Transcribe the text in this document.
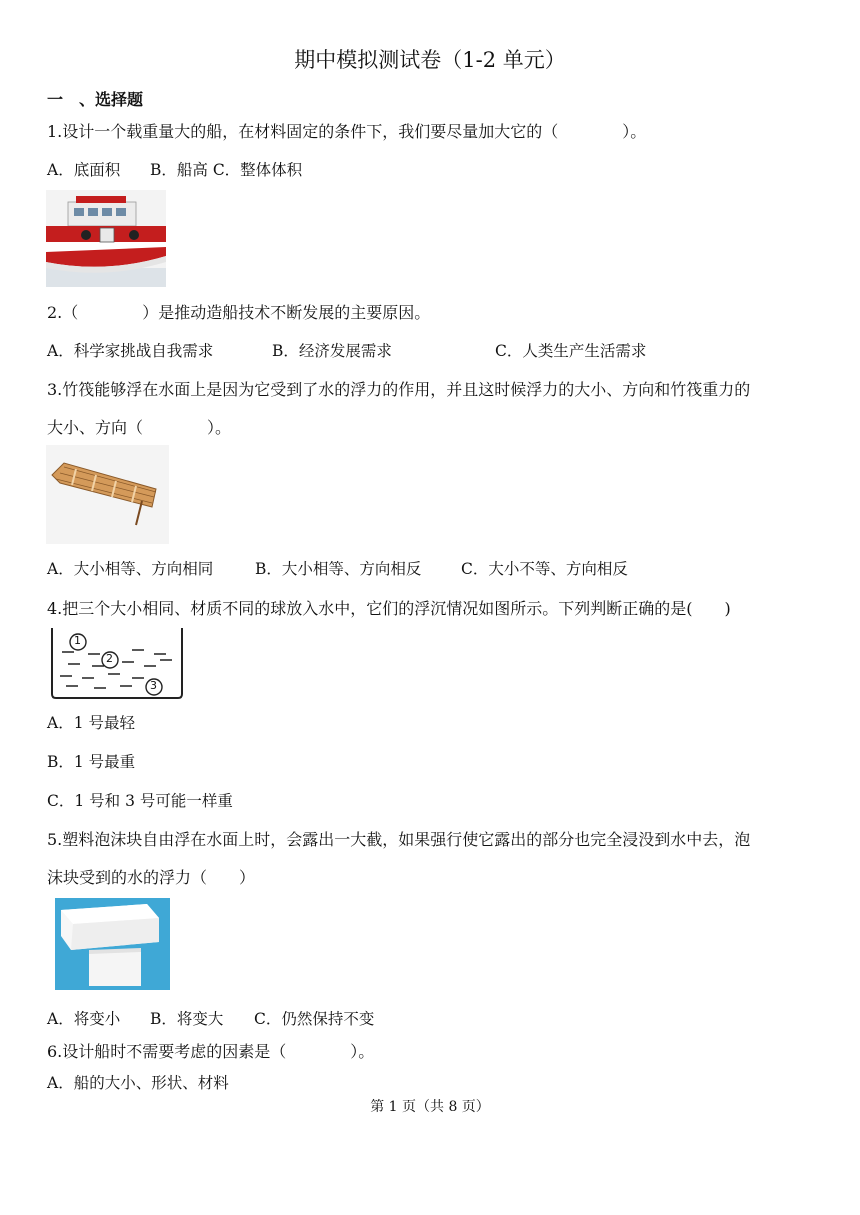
期中模拟测试卷（1-2 单元）
一　、选择题
1.设计一个载重量大的船，在材料固定的条件下，我们要尽量加大它的（　　　　）。
A．底面积 B．船高 C．整体体积
2.（　　　　）是推动造船技术不断发展的主要原因。
A．科学家挑战自我需求	B．经济发展需求	C．人类生产生活需求
3.竹筏能够浮在水面上是因为它受到了水的浮力的作用，并且这时候浮力的大小、方向和竹筏重力的
大小、方向（　　　　）。
A．大小相等、方向相同	B．大小相等、方向相反	C．大小不等、方向相反
4.把三个大小相同、材质不同的球放入水中，它们的浮沉情况如图所示。下列判断正确的是(　　)
1
2
3
A．1 号最轻
B．1 号最重
C．1 号和 3 号可能一样重
5.塑料泡沫块自由浮在水面上时，会露出一大截，如果强行使它露出的部分也完全浸没到水中去，泡
沫块受到的水的浮力（　　）
A．将变小 B．将变大 C．仍然保持不变
6.设计船时不需要考虑的因素是（　　　　）。
A．船的大小、形状、材料
第 1 页（共 8 页）
